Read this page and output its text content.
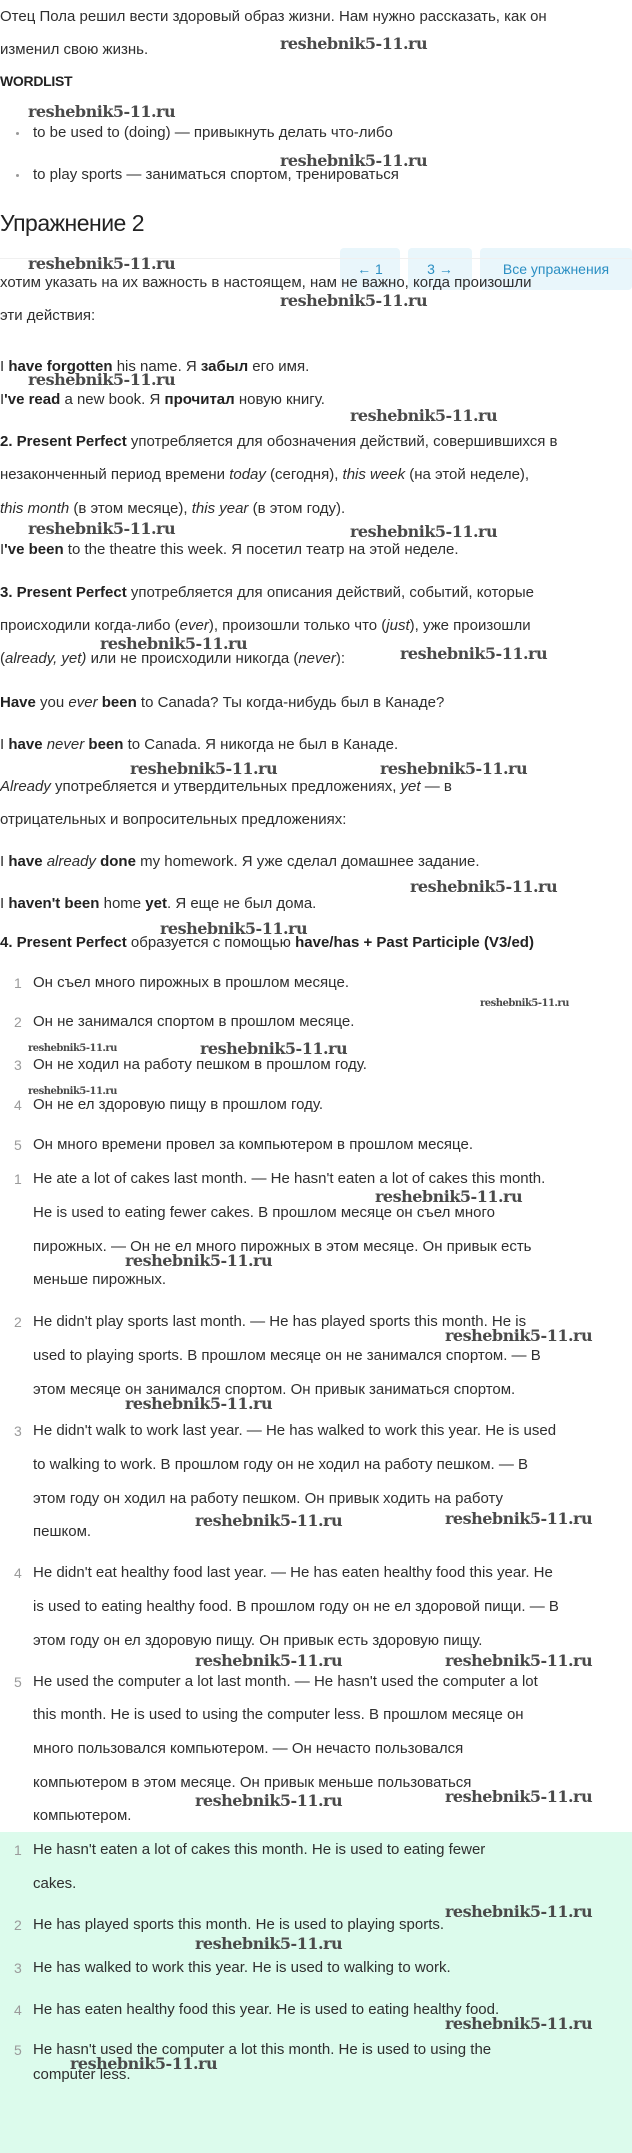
Отец Пола решил вести здоровый образ жизни. Нам нужно рассказать, как он
изменил свою жизнь.
WORDLIST
to be used to (doing) — привыкнуть делать что-либо
to play sports — заниматься спортом, тренироваться
Упражнение 2
← 1	3 →	Все упражнения
хотим указать на их важность в настоящем, нам не важно, когда произошли
эти действия:
I have forgotten his name. Я забыл его имя.
I've read a new book. Я прочитал новую книгу.
2. Present Perfect употребляется для обозначения действий, совершившихся в
незаконченный период времени today (сегодня), this week (на этой неделе),
this month (в этом месяце), this year (в этом году).
I've been to the theatre this week. Я посетил театр на этой неделе.
3. Present Perfect употребляется для описания действий, событий, которые
происходили когда-либо (ever), произошли только что (just), уже произошли
(already, yet) или не происходили никогда (never):
Have you ever been to Canada? Ты когда-нибудь был в Канаде?
I have never been to Canada. Я никогда не был в Канаде.
Already употребляется и утвердительных предложениях, yet — в
отрицательных и вопросительных предложениях:
I have already done my homework. Я уже сделал домашнее задание.
I haven't been home yet. Я еще не был дома.
4. Present Perfect образуется с помощью have/has + Past Participle (V3/ed)
1 Он съел много пирожных в прошлом месяце.
2 Он не занимался спортом в прошлом месяце.
3 Он не ходил на работу пешком в прошлом году.
4 Он не ел здоровую пищу в прошлом году.
5 Он много времени провел за компьютером в прошлом месяце.
1 He ate a lot of cakes last month. — He hasn't eaten a lot of cakes this month.
He is used to eating fewer cakes. В прошлом месяце он съел много
пирожных. — Он не ел много пирожных в этом месяце. Он привык есть
меньше пирожных.
2 He didn't play sports last month. — He has played sports this month. He is
used to playing sports. В прошлом месяце он не занимался спортом. — В
этом месяце он занимался спортом. Он привык заниматься спортом.
3 He didn't walk to work last year. — He has walked to work this year. He is used
to walking to work. В прошлом году он не ходил на работу пешком. — В
этом году он ходил на работу пешком. Он привык ходить на работу
пешком.
4 He didn't eat healthy food last year. — He has eaten healthy food this year. He
is used to eating healthy food. В прошлом году он не ел здоровой пищи. — В
этом году он ел здоровую пищу. Он привык есть здоровую пищу.
5 He used the computer a lot last month. — He hasn't used the computer a lot
this month. He is used to using the computer less. В прошлом месяце он
много пользовался компьютером. — Он нечасто пользовался
компьютером в этом месяце. Он привык меньше пользоваться
компьютером.
1 He hasn't eaten a lot of cakes this month. He is used to eating fewer
cakes.
2 He has played sports this month. He is used to playing sports.
3 He has walked to work this year. He is used to walking to work.
4 He has eaten healthy food this year. He is used to eating healthy food.
5 He hasn't used the computer a lot this month. He is used to using the
computer less.
reshebnik5-11.ru
reshebnik5-11.ru
reshebnik5-11.ru
reshebnik5-11.ru
reshebnik5-11.ru
reshebnik5-11.ru
reshebnik5-11.ru
reshebnik5-11.ru	reshebnik5-11.ru
reshebnik5-11.ru
reshebnik5-11.ru
reshebnik5-11.ru	reshebnik5-11.ru
reshebnik5-11.ru
reshebnik5-11.ru
reshebnik5-11.ru
reshebnik5-11.ru	reshebnik5-11.ru
reshebnik5-11.ru
reshebnik5-11.ru
reshebnik5-11.ru
reshebnik5-11.ru
reshebnik5-11.ru
reshebnik5-11.ru	reshebnik5-11.ru
reshebnik5-11.ru	reshebnik5-11.ru
reshebnik5-11.ru	reshebnik5-11.ru
reshebnik5-11.ru
reshebnik5-11.ru
reshebnik5-11.ru
reshebnik5-11.ru
